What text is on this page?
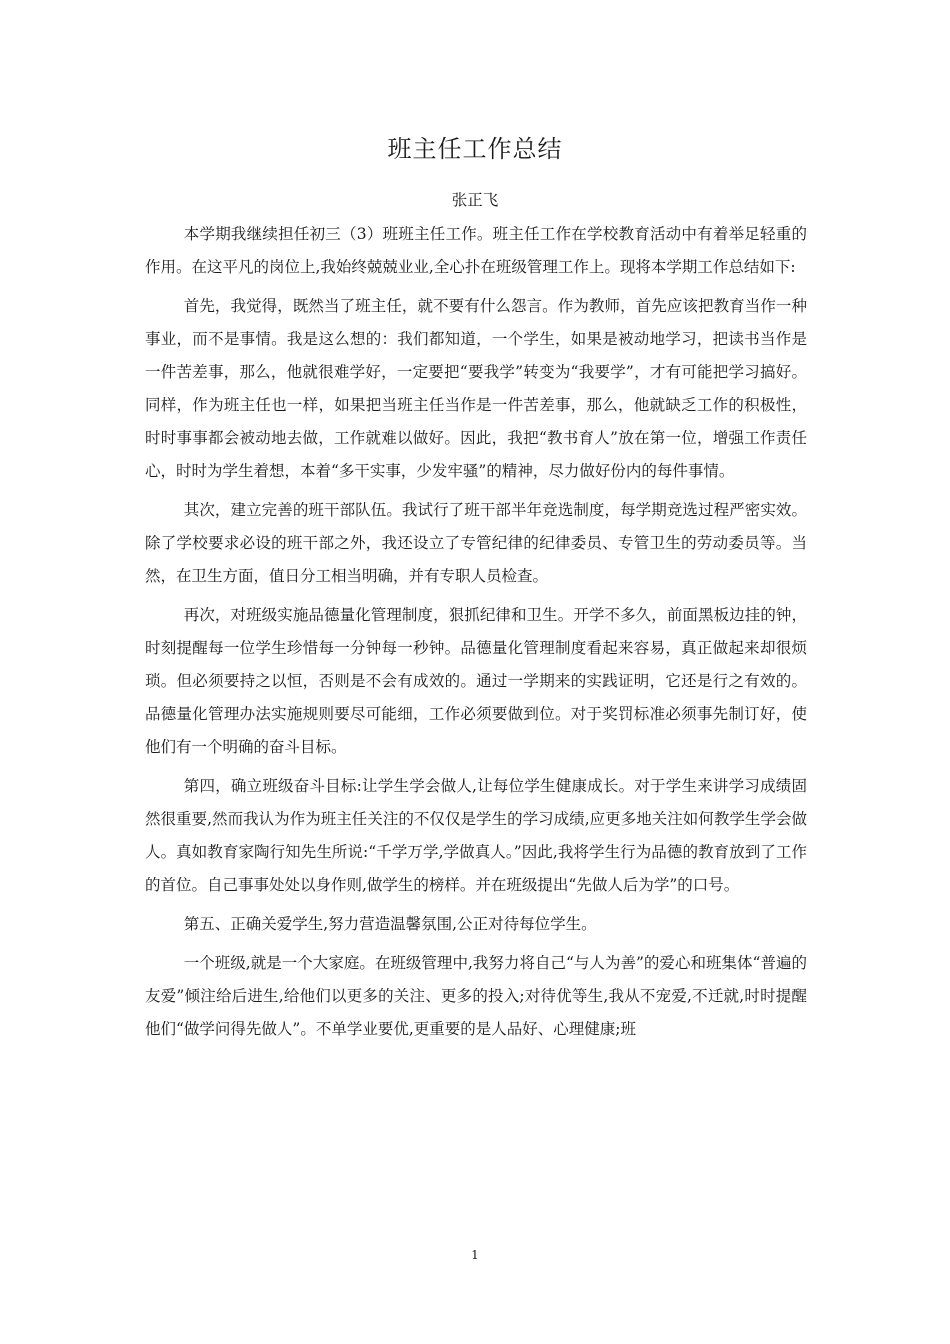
班主任工作总结
张正飞

本学期我继续担任初三（3）班班主任工作。班主任工作在学校教育活动中有着举足轻重的作用。在这平凡的岗位上,我始终兢兢业业,全心扑在班级管理工作上。现将本学期工作总结如下:

首先，我觉得，既然当了班主任，就不要有什么怨言。作为教师，首先应该把教育当作一种事业，而不是事情。我是这么想的：我们都知道，一个学生，如果是被动地学习，把读书当作是一件苦差事，那么，他就很难学好，一定要把“要我学”转变为“我要学”，才有可能把学习搞好。同样，作为班主任也一样，如果把当班主任当作是一件苦差事，那么，他就缺乏工作的积极性，时时事事都会被动地去做，工作就难以做好。因此，我把“教书育人”放在第一位，增强工作责任心，时时为学生着想，本着“多干实事，少发牢骚”的精神，尽力做好份内的每件事情。

其次，建立完善的班干部队伍。我试行了班干部半年竞选制度，每学期竞选过程严密实效。除了学校要求必设的班干部之外，我还设立了专管纪律的纪律委员、专管卫生的劳动委员等。当然，在卫生方面，值日分工相当明确，并有专职人员检查。

再次，对班级实施品德量化管理制度，狠抓纪律和卫生。开学不多久，前面黑板边挂的钟，时刻提醒每一位学生珍惜每一分钟每一秒钟。品德量化管理制度看起来容易，真正做起来却很烦琐。但必须要持之以恒，否则是不会有成效的。通过一学期来的实践证明，它还是行之有效的。品德量化管理办法实施规则要尽可能细，工作必须要做到位。对于奖罚标准必须事先制订好，使他们有一个明确的奋斗目标。

第四，确立班级奋斗目标:让学生学会做人,让每位学生健康成长。对于学生来讲学习成绩固然很重要,然而我认为作为班主任关注的不仅仅是学生的学习成绩,应更多地关注如何教学生学会做人。真如教育家陶行知先生所说:“千学万学,学做真人。”因此,我将学生行为品德的教育放到了工作的首位。自己事事处处以身作则,做学生的榜样。并在班级提出“先做人后为学”的口号。

第五、正确关爱学生,努力营造温馨氛围,公正对待每位学生。

一个班级,就是一个大家庭。在班级管理中,我努力将自己“与人为善”的爱心和班集体“普遍的友爱”倾注给后进生,给他们以更多的关注、更多的投入;对待优等生,我从不宠爱,不迁就,时时提醒他们“做学问得先做人”。不单学业要优,更重要的是人品好、心理健康;班

1
